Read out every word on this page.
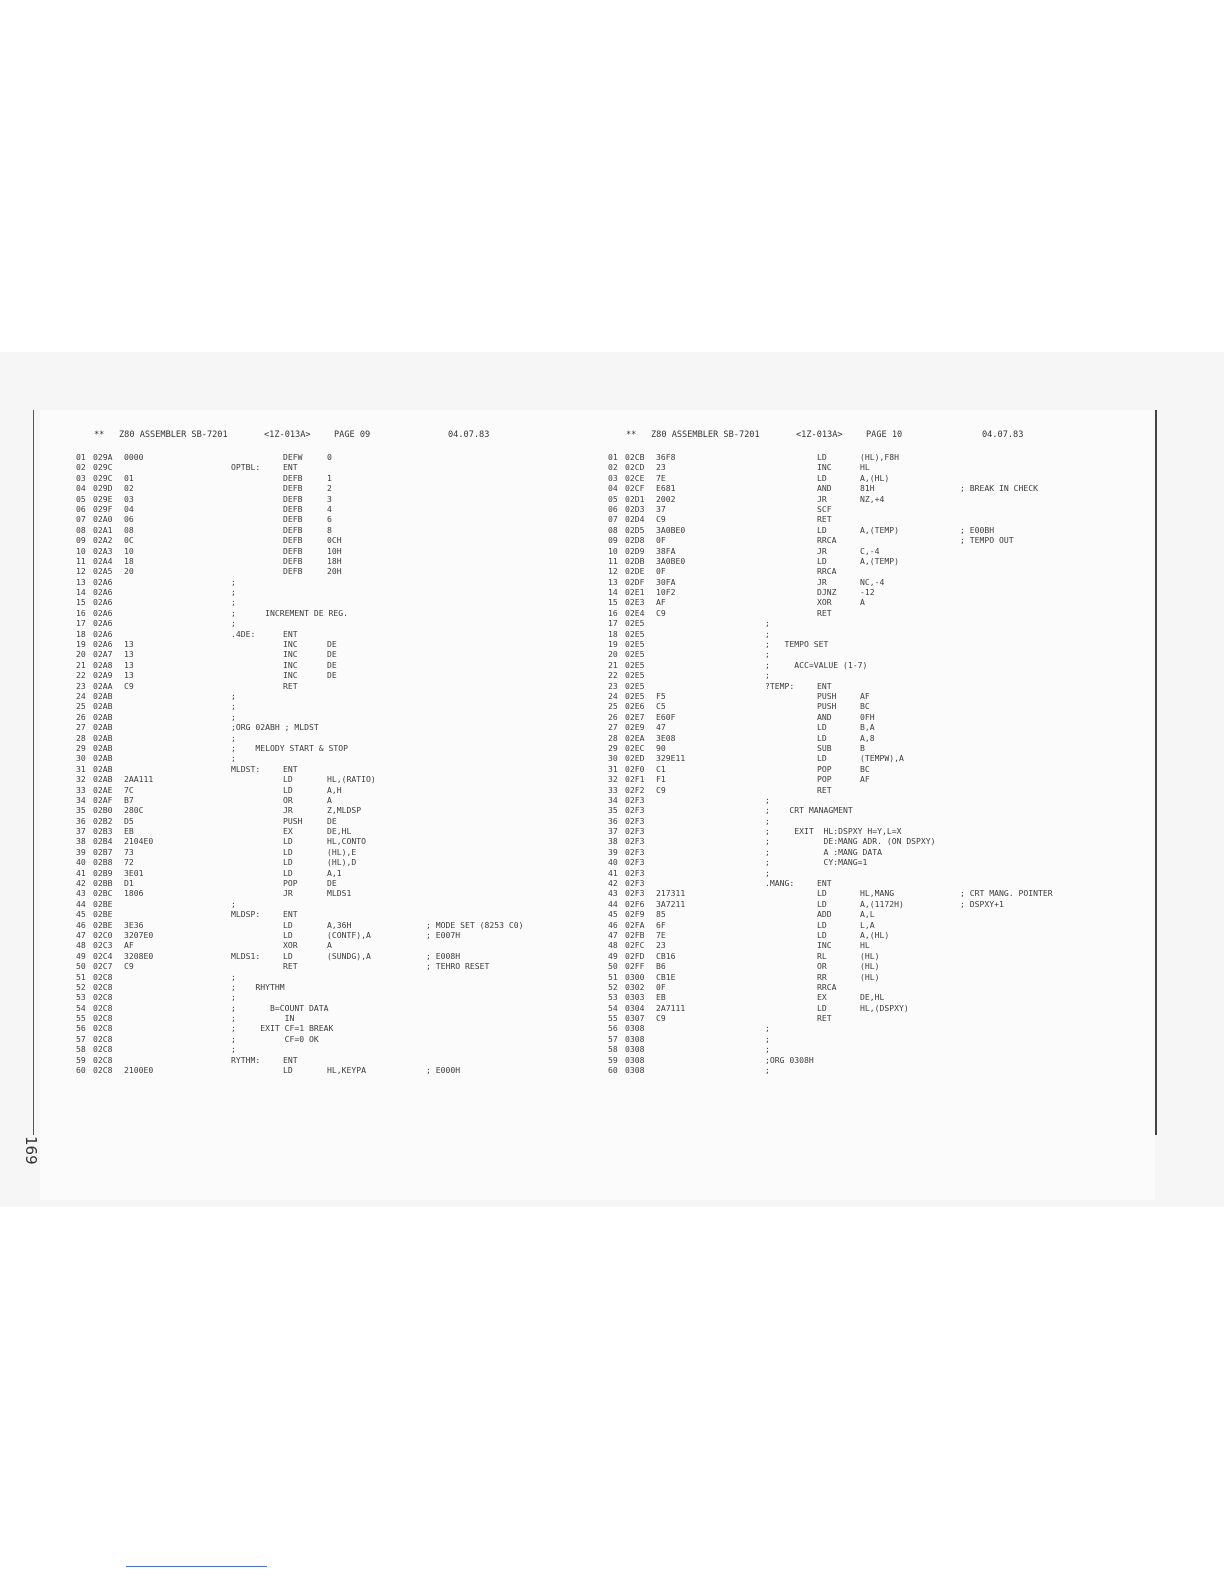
**

Z80 ASSEMBLER SB-7201

	<1Z-013A>

	PAGE 09

	04.07.83

01 029A 0000	DEFW	0
02 029C	OPTBL:	ENT
03 029C 01	DEFB	1
04 029D 02	DEFB	2
05 029E 03	DEFB	3
06 029F 04	DEFB	4
07 02A0 06	DEFB	6
08 02A1 08	DEFB	8
09 02A2 0C	DEFB	0CH
10 02A3 10	DEFB	10H
11 02A4 18	DEFB	18H
12 02A5 20	DEFB	20H
13 02A6	;
14 02A6	;
15 02A6	;
16 02A6	;      INCREMENT DE REG.
17 02A6	;
18 02A6	.4DE:	ENT
19 02A6 13	INC	DE
20 02A7 13	INC	DE
21 02A8 13	INC	DE
22 02A9 13	INC	DE
23 02AA C9	RET
24 02AB	;
25 02AB	;
26 02AB	;
27 02AB	;ORG 02ABH ; MLDST
28 02AB	;
29 02AB	;    MELODY START & STOP
30 02AB	;
31 02AB	MLDST:	ENT
32 02AB 2AA111	LD	HL,(RATIO)
33 02AE 7C	LD	A,H
34 02AF B7	OR	A
35 02B0 280C	JR	Z,MLDSP
36 02B2 D5	PUSH	DE
37 02B3 EB	EX	DE,HL
38 02B4 2104E0	LD	HL,CONTO
39 02B7 73	LD	(HL),E
40 02B8 72	LD	(HL),D
41 02B9 3E01	LD	A,1
42 02BB D1	POP	DE
43 02BC 1806	JR	MLDS1
44 02BE	;
45 02BE	MLDSP:	ENT
46 02BE 3E36	LD	A,36H	; MODE SET (8253 C0)
47 02C0 3207E0	LD	(CONTF),A	; E007H
48 02C3 AF	XOR	A
49 02C4 3208E0	MLDS1:	LD	(SUNDG),A	; E008H
50 02C7 C9	RET	; TEHRO RESET
51 02C8	;
52 02C8	;    RHYTHM
53 02C8	;
54 02C8	;       B=COUNT DATA
55 02C8	;          IN
56 02C8	;     EXIT CF=1 BREAK
57 02C8	;          CF=0 OK
58 02C8	;
59 02C8	RYTHM:	ENT
60 02C8 2100E0	LD	HL,KEYPA	; E000H

**

Z80 ASSEMBLER SB-7201

	<1Z-013A>

	PAGE 10

	04.07.83

01 02CB 36F8	LD	(HL),F8H
02 02CD 23	INC	HL
03 02CE 7E	LD	A,(HL)
04 02CF E681	AND	81H	; BREAK IN CHECK
05 02D1 2002	JR	NZ,+4
06 02D3 37	SCF
07 02D4 C9	RET
08 02D5 3A0BE0	LD	A,(TEMP)	; E00BH
09 02D8 0F	RRCA	; TEMPO OUT
10 02D9 38FA	JR	C,-4
11 02DB 3A0BE0	LD	A,(TEMP)
12 02DE 0F	RRCA
13 02DF 30FA	JR	NC,-4
14 02E1 10F2	DJNZ	-12
15 02E3 AF	XOR	A
16 02E4 C9	RET
17 02E5	;
18 02E5	;
19 02E5	;   TEMPO SET
20 02E5	;
21 02E5	;     ACC=VALUE (1-7)
22 02E5	;
23 02E5	?TEMP:	ENT
24 02E5 F5	PUSH	AF
25 02E6 C5	PUSH	BC
26 02E7 E60F	AND	0FH
27 02E9 47	LD	B,A
28 02EA 3E08	LD	A,8
29 02EC 90	SUB	B
30 02ED 329E11	LD	(TEMPW),A
31 02F0 C1	POP	BC
32 02F1 F1	POP	AF
33 02F2 C9	RET
34 02F3	;
35 02F3	;    CRT MANAGMENT
36 02F3	;
37 02F3	;     EXIT  HL:DSPXY H=Y,L=X
38 02F3	;           DE:MANG ADR. (ON DSPXY)
39 02F3	;           A :MANG DATA
40 02F3	;           CY:MANG=1
41 02F3	;
42 02F3	.MANG:	ENT
43 02F3 217311	LD	HL,MANG	; CRT MANG. POINTER
44 02F6 3A7211	LD	A,(1172H)	; DSPXY+1
45 02F9 85	ADD	A,L
46 02FA 6F	LD	L,A
47 02FB 7E	LD	A,(HL)
48 02FC 23	INC	HL
49 02FD CB16	RL	(HL)
50 02FF B6	OR	(HL)
51 0300 CB1E	RR	(HL)
52 0302 0F	RRCA
53 0303 EB	EX	DE,HL
54 0304 2A7111	LD	HL,(DSPXY)
55 0307 C9	RET
56 0308	;
57 0308	;
58 0308	;
59 0308	;ORG 0308H
60 0308	;
169
